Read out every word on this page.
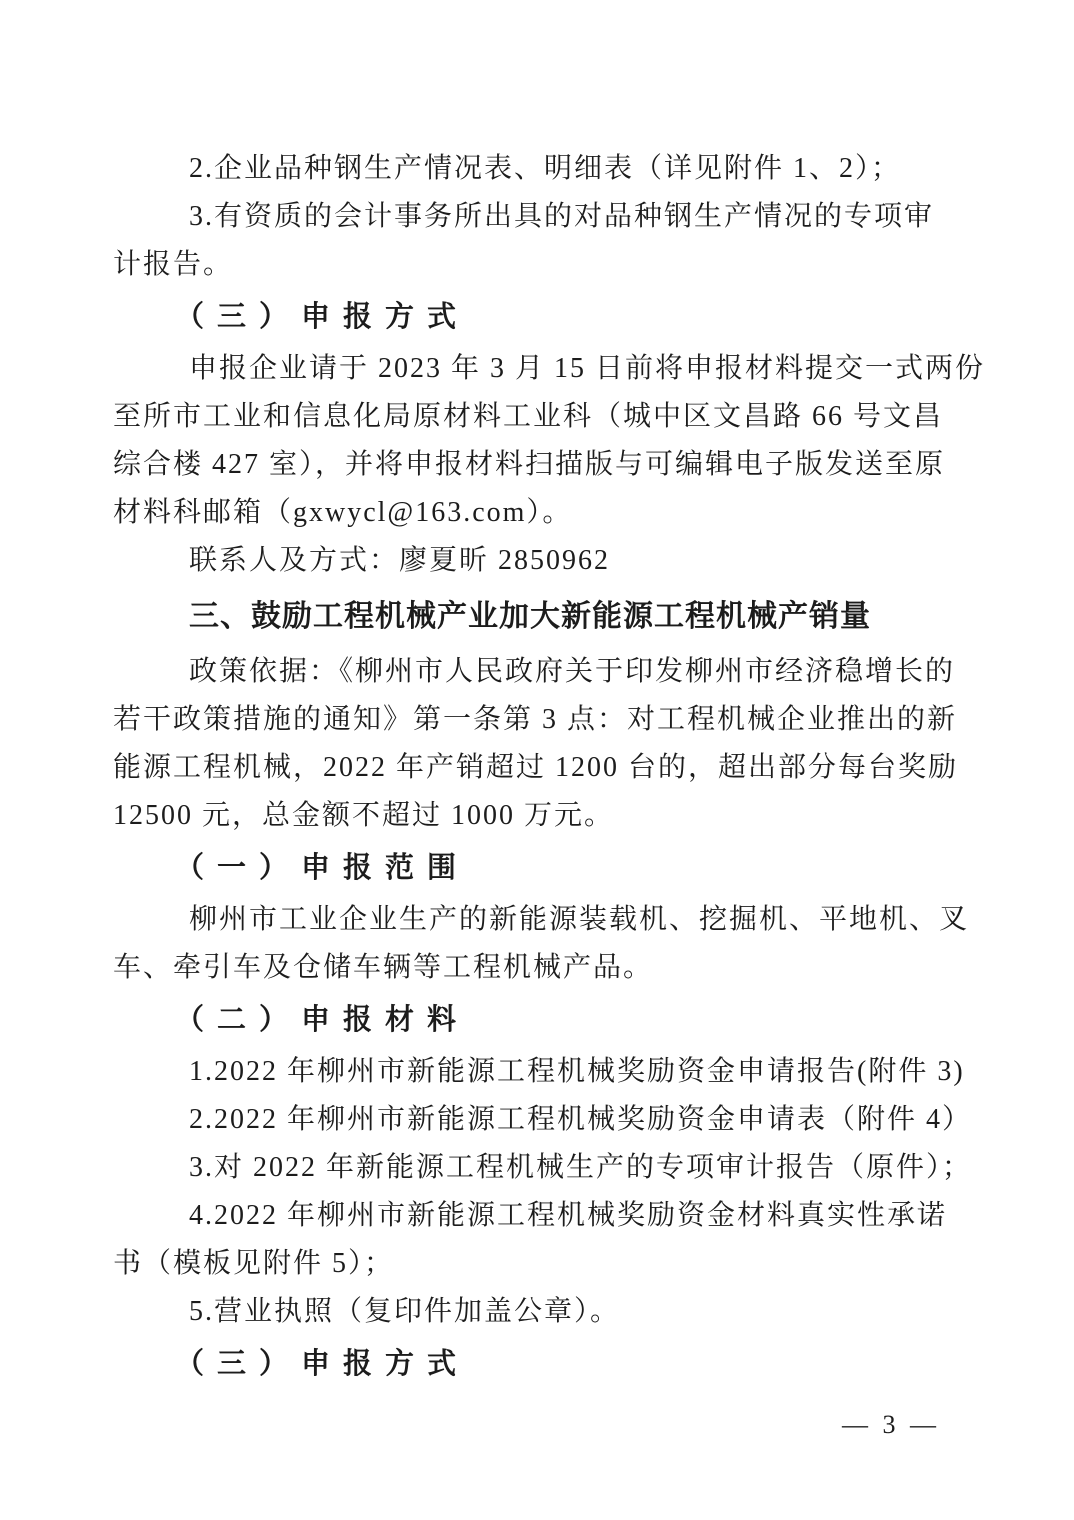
2.企业品种钢生产情况表、明细表（详见附件 1、2）；
3.有资质的会计事务所出具的对品种钢生产情况的专项审
计报告。
（三）申报方式
申报企业请于 2023 年 3 月 15 日前将申报材料提交一式两份
至所市工业和信息化局原材料工业科（城中区文昌路 66 号文昌
综合楼 427 室），并将申报材料扫描版与可编辑电子版发送至原
材料科邮箱（gxwycl@163.com）。
联系人及方式：廖夏昕 2850962
三、鼓励工程机械产业加大新能源工程机械产销量
政策依据：《柳州市人民政府关于印发柳州市经济稳增长的
若干政策措施的通知》第一条第 3 点：对工程机械企业推出的新
能源工程机械，2022 年产销超过 1200 台的，超出部分每台奖励
12500 元，总金额不超过 1000 万元。
（一）申报范围
柳州市工业企业生产的新能源装载机、挖掘机、平地机、叉
车、牵引车及仓储车辆等工程机械产品。
（二）申报材料
1.2022 年柳州市新能源工程机械奖励资金申请报告(附件 3)
2.2022 年柳州市新能源工程机械奖励资金申请表（附件 4）
3.对 2022 年新能源工程机械生产的专项审计报告（原件）；
4.2022 年柳州市新能源工程机械奖励资金材料真实性承诺
书（模板见附件 5）；
5.营业执照（复印件加盖公章）。
（三）申报方式
— 3 —
